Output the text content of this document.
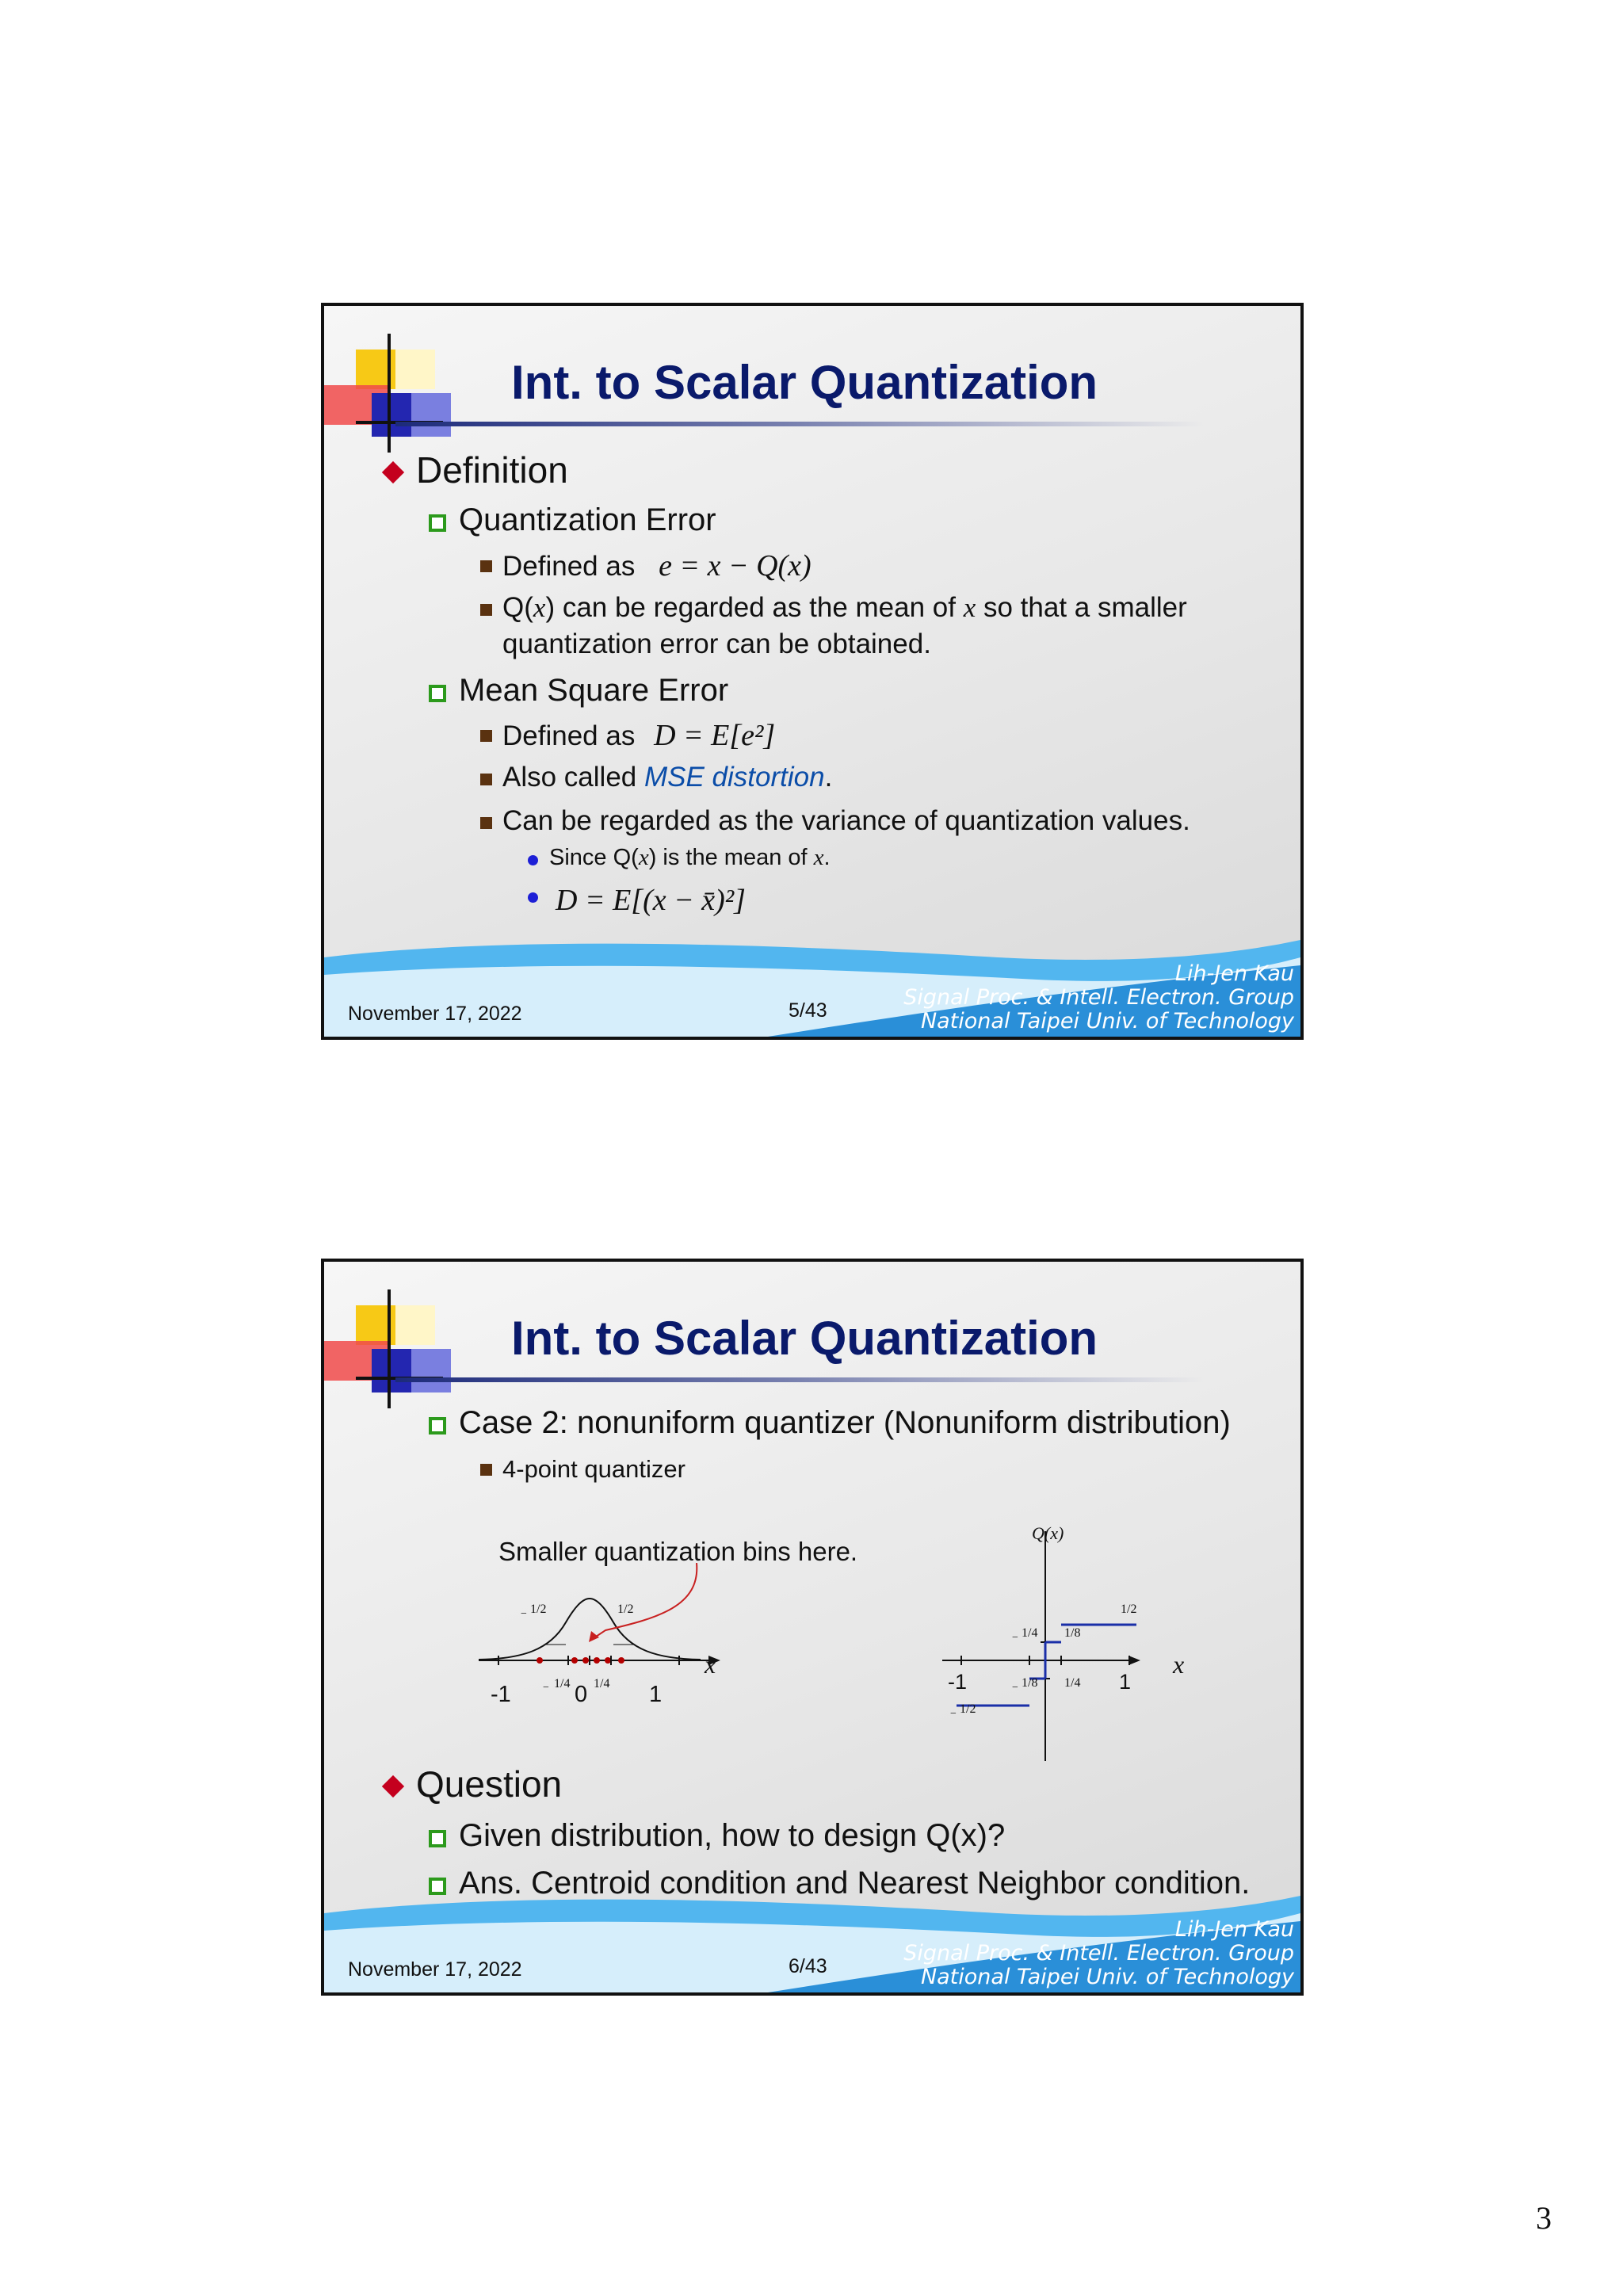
Int. to Scalar Quantization
Definition
Quantization Error
Defined as e = x − Q(x)
Q(x) can be regarded as the mean of x so that a smaller
quantization error can be obtained.
Mean Square Error
Defined as D = E[e²]
Also called MSE distortion.
Can be regarded as the variance of quantization values.
Since Q(x) is the mean of x.
D = E[(x − x̄)²]
November 17, 2022	5/43
Lih-Jen Kau
Signal Proc. & Intell. Electron. Group
National Taipei Univ. of Technology
Int. to Scalar Quantization
Case 2: nonuniform quantizer (Nonuniform distribution)
4-point quantizer
Smaller quantization bins here.
x
-1	0	1
− 1/4 1/4
− 1/2	1/2
Q(x)
x
-1	1
1/2
− 1/4 1/8
− 1/8 1/4
− 1/2
Question
Given distribution, how to design Q(x)?
Ans. Centroid condition and Nearest Neighbor condition.
November 17, 2022	6/43
Lih-Jen Kau
Signal Proc. & Intell. Electron. Group
National Taipei Univ. of Technology
3
